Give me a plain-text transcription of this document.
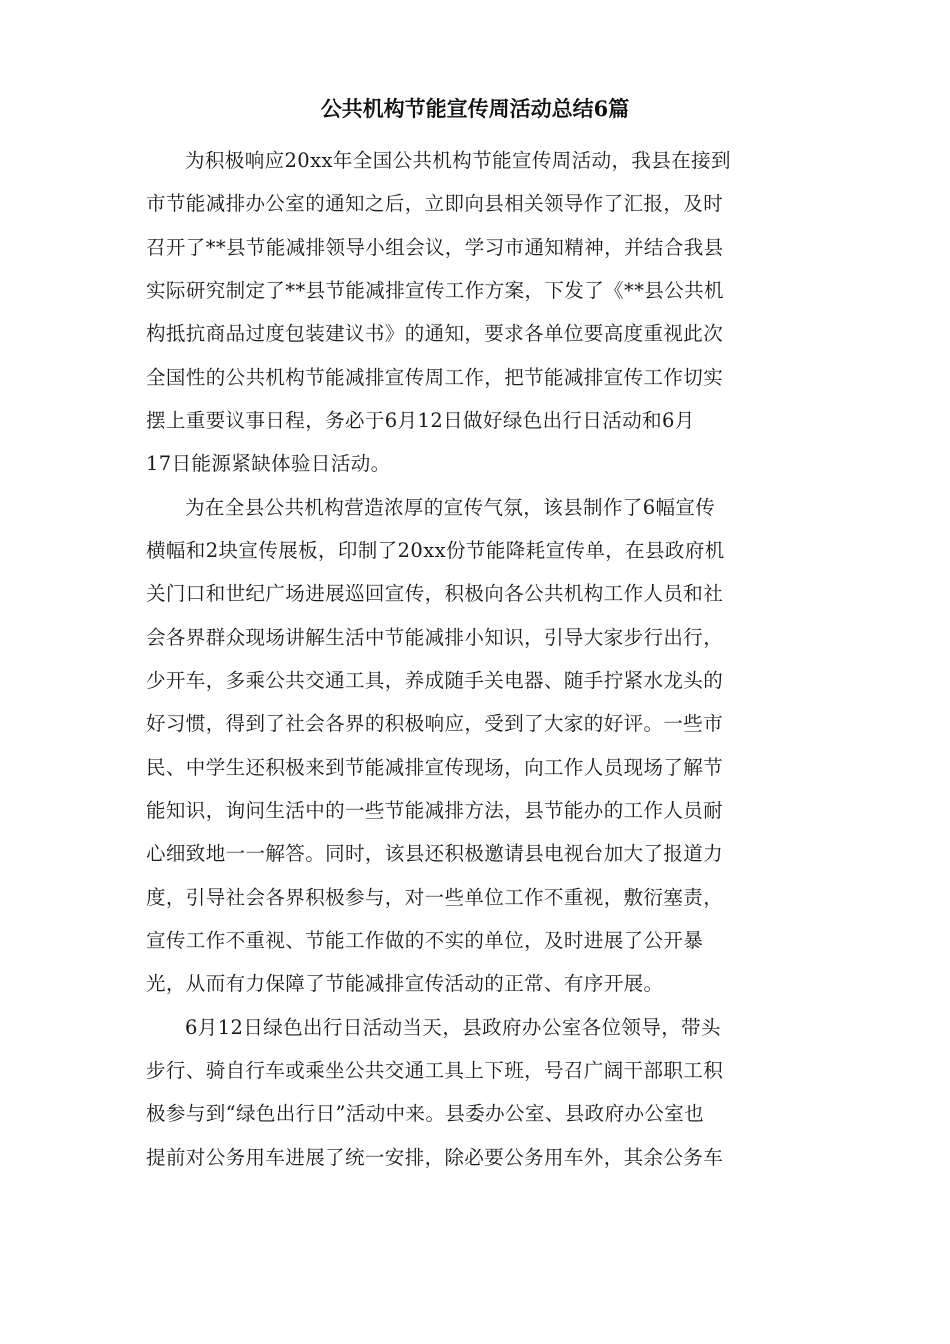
公共机构节能宣传周活动总结6篇
为积极响应20xx年全国公共机构节能宣传周活动，我县在接到
市节能减排办公室的通知之后，立即向县相关领导作了汇报，及时
召开了**县节能减排领导小组会议，学习市通知精神，并结合我县
实际研究制定了**县节能减排宣传工作方案，下发了《**县公共机
构抵抗商品过度包装建议书》的通知，要求各单位要高度重视此次
全国性的公共机构节能减排宣传周工作，把节能减排宣传工作切实
摆上重要议事日程，务必于6月12日做好绿色出行日活动和6月
17日能源紧缺体验日活动。
为在全县公共机构营造浓厚的宣传气氛，该县制作了6幅宣传
横幅和2块宣传展板，印制了20xx份节能降耗宣传单，在县政府机
关门口和世纪广场进展巡回宣传，积极向各公共机构工作人员和社
会各界群众现场讲解生活中节能减排小知识，引导大家步行出行，
少开车，多乘公共交通工具，养成随手关电器、随手拧紧水龙头的
好习惯，得到了社会各界的积极响应，受到了大家的好评。一些市
民、中学生还积极来到节能减排宣传现场，向工作人员现场了解节
能知识，询问生活中的一些节能减排方法，县节能办的工作人员耐
心细致地一一解答。同时，该县还积极邀请县电视台加大了报道力
度，引导社会各界积极参与，对一些单位工作不重视，敷衍塞责，
宣传工作不重视、节能工作做的不实的单位，及时进展了公开暴
光，从而有力保障了节能减排宣传活动的正常、有序开展。
6月12日绿色出行日活动当天，县政府办公室各位领导，带头
步行、骑自行车或乘坐公共交通工具上下班，号召广阔干部职工积
极参与到“绿色出行日”活动中来。县委办公室、县政府办公室也
提前对公务用车进展了统一安排，除必要公务用车外，其余公务车
